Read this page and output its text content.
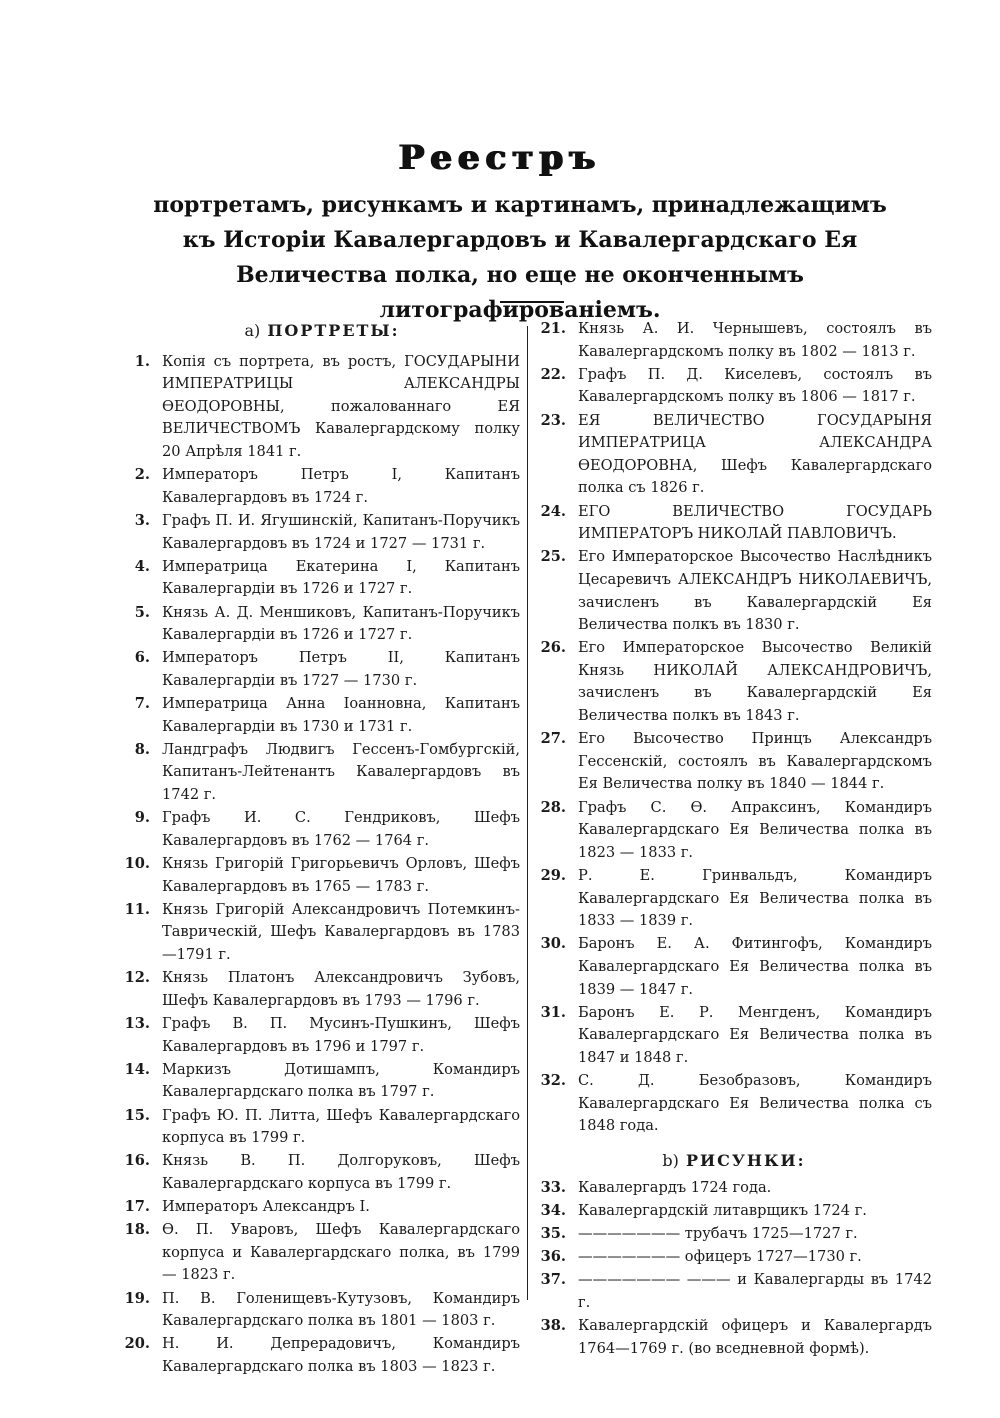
Реестръ
портретамъ, рисункамъ и картинамъ, принадлежащимъ къ Исторіи Кавалергардовъ и Кавалергардскаго Ея Величества полка, но еще не оконченнымъ литографированіемъ.
a) ПОРТРЕТЫ:
1. Копія съ портрета, въ ростъ, ГОСУДАРЫНИ ИМПЕРАТРИЦЫ АЛЕКСАНДРЫ ѲЕОДОРОВНЫ, пожалованнаго ЕЯ ВЕЛИЧЕСТВОМЪ Кавалергардскому полку 20 Апрѣля 1841 г.
2. Императоръ Петръ I, Капитанъ Кавалергардовъ въ 1724 г.
3. Графъ П. И. Ягушинскій, Капитанъ-Поручикъ Кавалергардовъ въ 1724 и 1727 — 1731 г.
4. Императрица Екатерина I, Капитанъ Кавалергардіи въ 1726 и 1727 г.
5. Князь А. Д. Меншиковъ, Капитанъ-Поручикъ Кавалергардіи въ 1726 и 1727 г.
6. Императоръ Петръ II, Капитанъ Кавалергардіи въ 1727 — 1730 г.
7. Императрица Анна Іоанновна, Капитанъ Кавалергардіи въ 1730 и 1731 г.
8. Ландграфъ Людвигъ Гессенъ-Гомбургскій, Капитанъ-Лейтенантъ Кавалергардовъ въ 1742 г.
9. Графъ И. С. Гендриковъ, Шефъ Кавалергардовъ въ 1762 — 1764 г.
10. Князь Григорій Григорьевичъ Орловъ, Шефъ Кавалергардовъ въ 1765 — 1783 г.
11. Князь Григорій Александровичъ Потемкинъ-Таврическій, Шефъ Кавалергардовъ въ 1783—1791 г.
12. Князь Платонъ Александровичъ Зубовъ, Шефъ Кавалергардовъ въ 1793 — 1796 г.
13. Графъ В. П. Мусинъ-Пушкинъ, Шефъ Кавалергардовъ въ 1796 и 1797 г.
14. Маркизъ Дотишампъ, Командиръ Кавалергардскаго полка въ 1797 г.
15. Графъ Ю. П. Литта, Шефъ Кавалергардскаго корпуса въ 1799 г.
16. Князь В. П. Долгоруковъ, Шефъ Кавалергардскаго корпуса въ 1799 г.
17. Императоръ Александръ I.
18. Ѳ. П. Уваровъ, Шефъ Кавалергардскаго корпуса и Кавалергардскаго полка, въ 1799 — 1823 г.
19. П. В. Голенищевъ-Кутузовъ, Командиръ Кавалергардскаго полка въ 1801 — 1803 г.
20. Н. И. Депрерадовичъ, Командиръ Кавалергардскаго полка въ 1803 — 1823 г.
21. Князь А. И. Чернышевъ, состоялъ въ Кавалергардскомъ полку въ 1802 — 1813 г.
22. Графъ П. Д. Киселевъ, состоялъ въ Кавалергардскомъ полку въ 1806 — 1817 г.
23. ЕЯ ВЕЛИЧЕСТВО ГОСУДАРЫНЯ ИМПЕРАТРИЦА АЛЕКСАНДРА ѲЕОДОРОВНА, Шефъ Кавалергардскаго полка съ 1826 г.
24. ЕГО ВЕЛИЧЕСТВО ГОСУДАРЬ ИМПЕРАТОРЪ НИКОЛАЙ ПАВЛОВИЧЪ.
25. Его Императорское Высочество Наслѣдникъ Цесаревичъ АЛЕКСАНДРЪ НИКОЛАЕВИЧЪ, зачисленъ въ Кавалергардскій Ея Величества полкъ въ 1830 г.
26. Его Императорское Высочество Великій Князь НИКОЛАЙ АЛЕКСАНДРОВИЧЪ, зачисленъ въ Кавалергардскій Ея Величества полкъ въ 1843 г.
27. Его Высочество Принцъ Александръ Гессенскій, состоялъ въ Кавалергардскомъ Ея Величества полку въ 1840 — 1844 г.
28. Графъ С. Ѳ. Апраксинъ, Командиръ Кавалергардскаго Ея Величества полка въ 1823 — 1833 г.
29. Р. Е. Гринвальдъ, Командиръ Кавалергардскаго Ея Величества полка въ 1833 — 1839 г.
30. Баронъ Е. А. Фитингофъ, Командиръ Кавалергардскаго Ея Величества полка въ 1839 — 1847 г.
31. Баронъ Е. Р. Менгденъ, Командиръ Кавалергардскаго Ея Величества полка въ 1847 и 1848 г.
32. С. Д. Безобразовъ, Командиръ Кавалергардскаго Ея Величества полка съ 1848 года.
b) РИСУНКИ:
33. Кавалергардъ 1724 года.
34. Кавалергардскій литаврщикъ 1724 г.
35. ——————— трубачъ 1725—1727 г.
36. ——————— офицеръ 1727—1730 г.
37. ——————— ——— и Кавалергарды въ 1742 г.
38. Кавалергардскій офицеръ и Кавалергардъ 1764—1769 г. (во вседневной формѣ).
